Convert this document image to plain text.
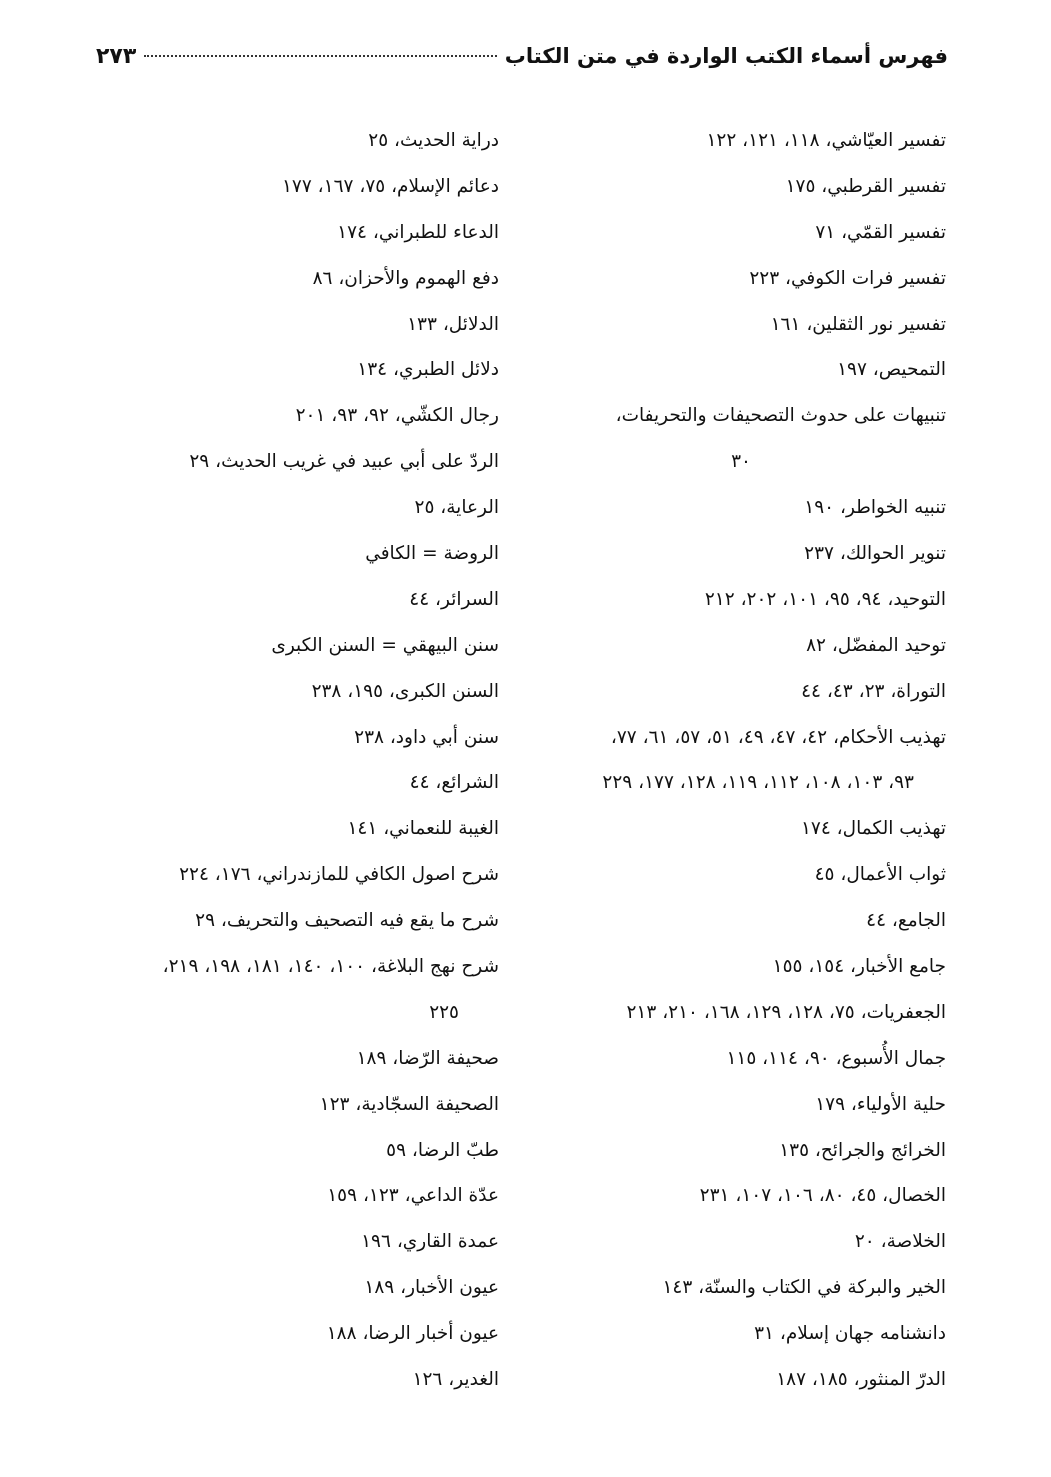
فهرس أسماء الكتب الواردة في متن الكتاب
٢٧٣
تفسير العيّاشي، ١١٨، ١٢١، ١٢٢
تفسير القرطبي، ١٧٥
تفسير القمّي، ٧١
تفسير فرات الكوفي، ٢٢٣
تفسير نور الثقلين، ١٦١
التمحيص، ١٩٧
تنبيهات على حدوث التصحيفات والتحريفات،
٣٠
تنبيه الخواطر، ١٩٠
تنوير الحوالك، ٢٣٧
التوحيد، ٩٤، ٩٥، ١٠١، ٢٠٢، ٢١٢
توحيد المفضّل، ٨٢
التوراة، ٢٣، ٤٣، ٤٤
تهذيب الأحكام، ٤٢، ٤٧، ٤٩، ٥١، ٥٧، ٦١، ٧٧،
٩٣، ١٠٣، ١٠٨، ١١٢، ١١٩، ١٢٨، ١٧٧، ٢٢٩
تهذيب الكمال، ١٧٤
ثواب الأعمال، ٤٥
الجامع، ٤٤
جامع الأخبار، ١٥٤، ١٥٥
الجعفريات، ٧٥، ١٢٨، ١٢٩، ١٦٨، ٢١٠، ٢١٣
جمال الأُسبوع، ٩٠، ١١٤، ١١٥
حلية الأولياء، ١٧٩
الخرائج والجرائح، ١٣٥
الخصال، ٤٥، ٨٠، ١٠٦، ١٠٧، ٢٣١
الخلاصة، ٢٠
الخير والبركة في الكتاب والسنّة، ١٤٣
دانشنامه جهان إسلام، ٣١
الدرّ المنثور، ١٨٥، ١٨٧
دراية الحديث، ٢٥
دعائم الإسلام، ٧٥، ١٦٧، ١٧٧
الدعاء للطبراني، ١٧٤
دفع الهموم والأحزان، ٨٦
الدلائل، ١٣٣
دلائل الطبري، ١٣٤
رجال الكشّي، ٩٢، ٩٣، ٢٠١
الردّ على أبي عبيد في غريب الحديث، ٢٩
الرعاية، ٢٥
الروضة = الكافي
السرائر، ٤٤
سنن البيهقي = السنن الكبرى
السنن الكبرى، ١٩٥، ٢٣٨
سنن أبي داود، ٢٣٨
الشرائع، ٤٤
الغيبة للنعماني، ١٤١
شرح اصول الكافي للمازندراني، ١٧٦، ٢٢٤
شرح ما يقع فيه التصحيف والتحريف، ٢٩
شرح نهج البلاغة، ١٠٠، ١٤٠، ١٨١، ١٩٨، ٢١٩،
٢٢٥
صحيفة الرّضا، ١٨٩
الصحيفة السجّادية، ١٢٣
طبّ الرضا، ٥٩
عدّة الداعي، ١٢٣، ١٥٩
عمدة القاري، ١٩٦
عيون الأخبار، ١٨٩
عيون أخبار الرضا، ١٨٨
الغدير، ١٢٦
